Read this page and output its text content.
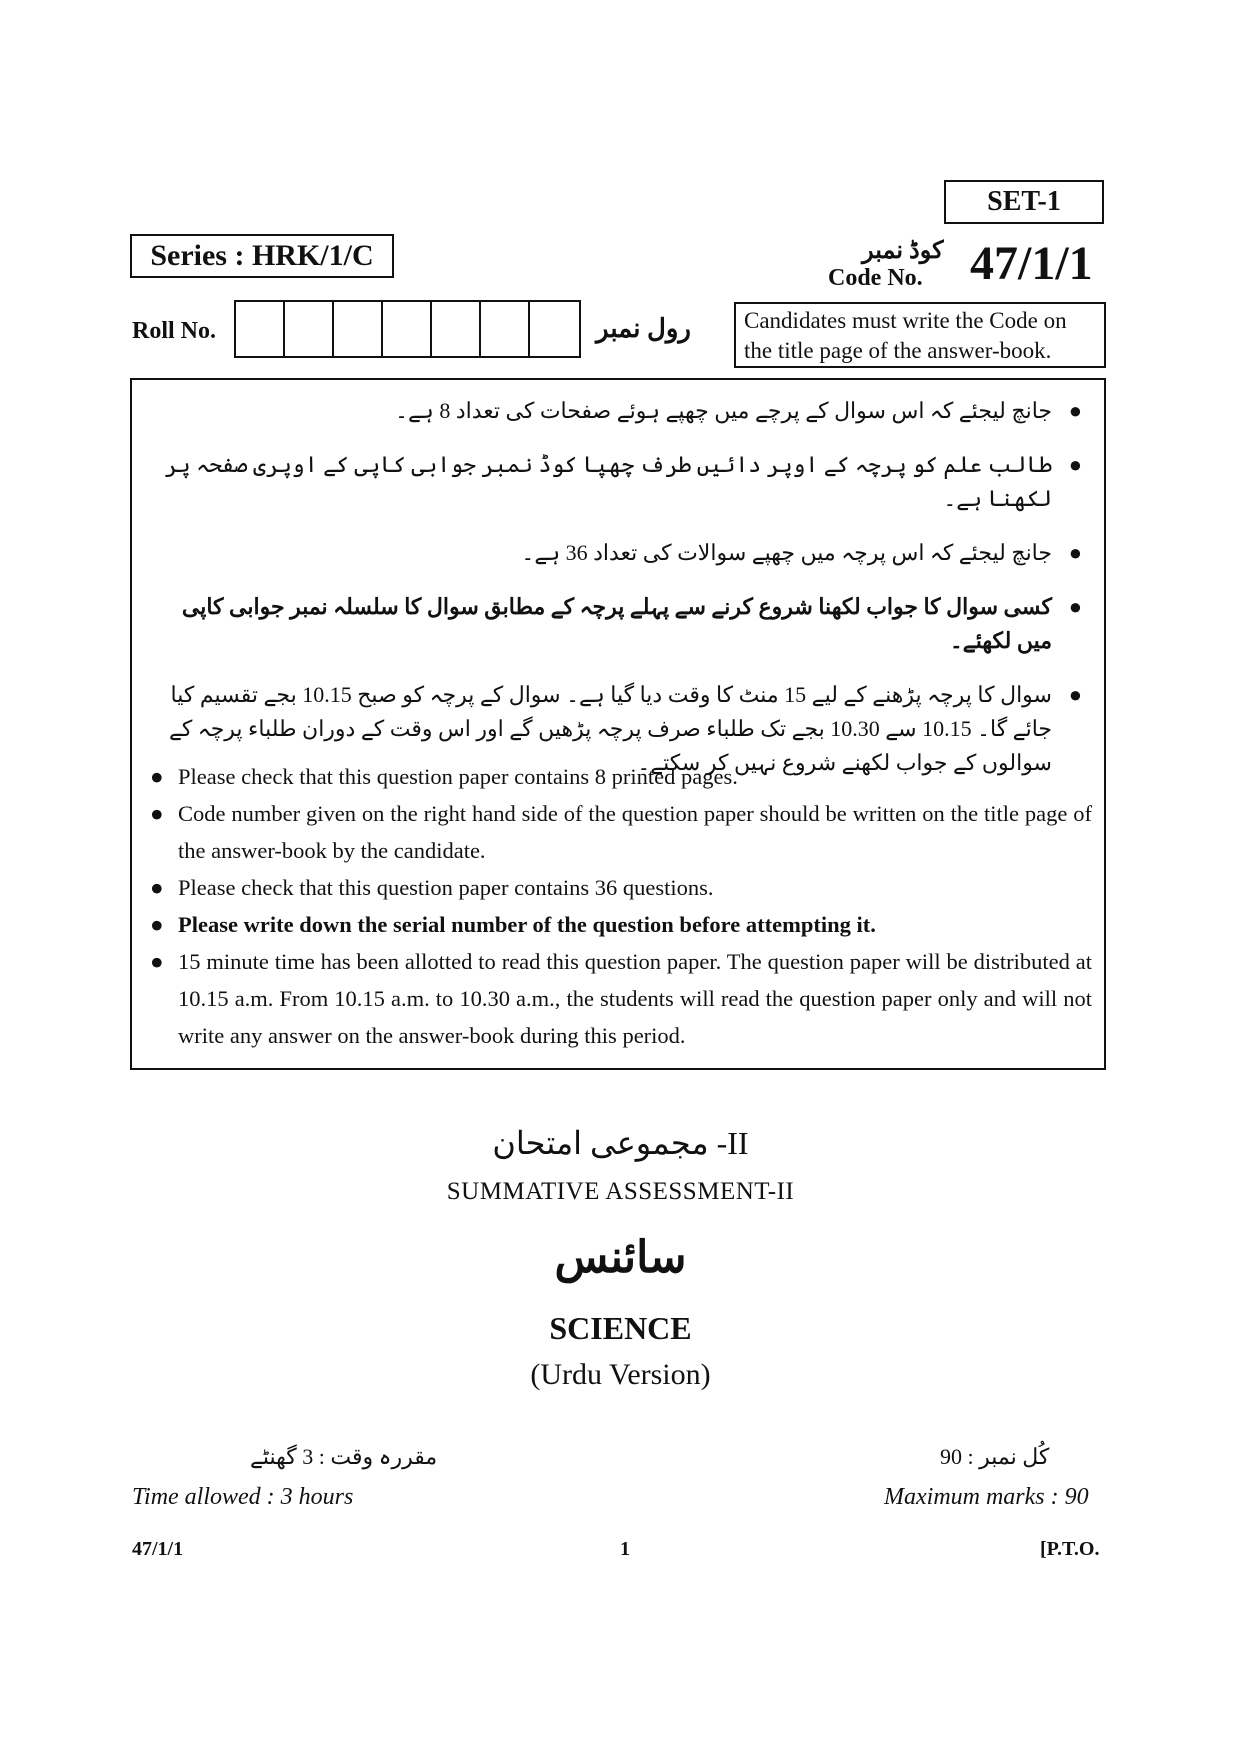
SET-1
Series : HRK/1/C	کوڈ نمبر
Code No. 47/1/1
Roll No.	رول نمبر	Candidates must write the Code on the title page of the answer-book.
●
جانچ لیجئے کہ اس سوال کے پرچے میں چھپے ہوئے صفحات کی تعداد 8 ہے۔
●
طالب علم کو پرچہ کے اوپر دائیں طرف چھپا کوڈ نمبر جوابی کاپی کے اوپری صفحہ پر لکھنا ہے۔
●
جانچ لیجئے کہ اس پرچہ میں چھپے سوالات کی تعداد 36 ہے۔
●
کسی سوال کا جواب لکھنا شروع کرنے سے پہلے پرچہ کے مطابق سوال کا سلسلہ نمبر جوابی کاپی میں لکھئے۔
●
سوال کا پرچہ پڑھنے کے لیے 15 منٹ کا وقت دیا گیا ہے۔ سوال کے پرچہ کو صبح 10.15 بجے تقسیم کیا جائے گا۔ 10.15 سے 10.30 بجے تک طلباء صرف پرچہ پڑھیں گے اور اس وقت کے دوران طلباء پرچہ کے سوالوں کے جواب لکھنے شروع نہیں کر سکتے۔
● Please check that this question paper contains 8 printed pages.
● Code number given on the right hand side of the question paper should be written on the title page of the answer-book by the candidate.
● Please check that this question paper contains 36 questions.
● Please write down the serial number of the question before attempting it.
● 15 minute time has been allotted to read this question paper. The question paper will be distributed at 10.15 a.m. From 10.15 a.m. to 10.30 a.m., the students will read the question paper only and will not write any answer on the answer-book during this period.
II- مجموعی امتحان
SUMMATIVE ASSESSMENT-II
سائنس
SCIENCE
(Urdu Version)
مقررہ وقت : 3 گھنٹے
Time allowed : 3 hours
کُل نمبر : 90
Maximum marks : 90
47/1/1	1	[P.T.O.
